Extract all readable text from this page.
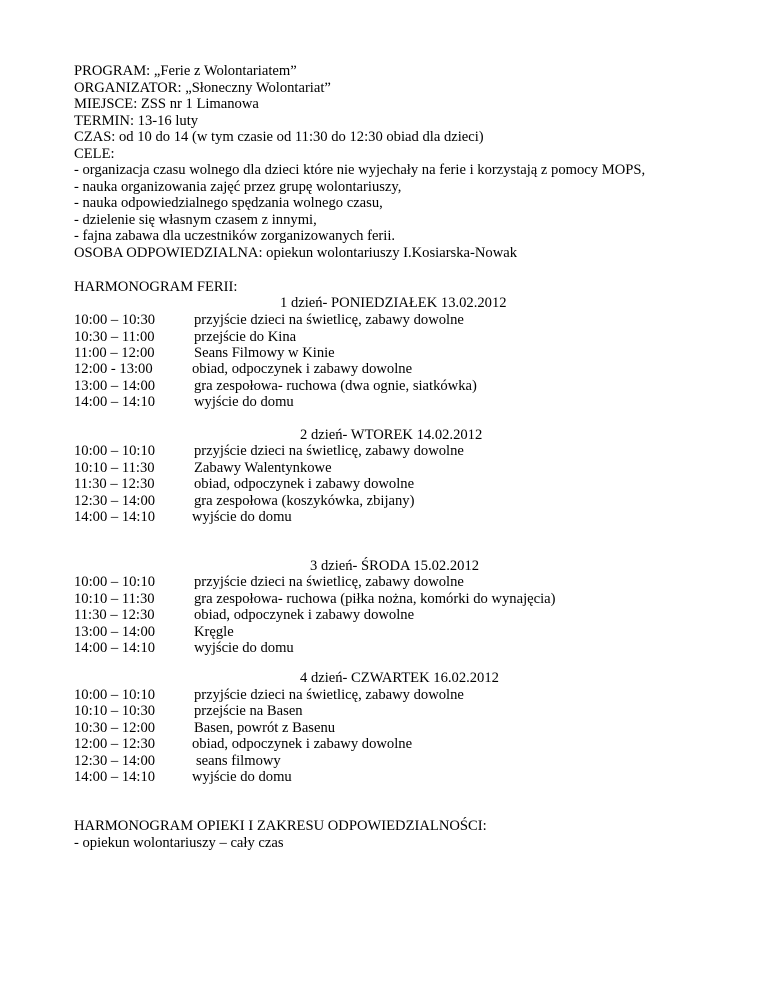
PROGRAM: „Ferie z Wolontariatem”
ORGANIZATOR: „Słoneczny Wolontariat”
MIEJSCE: ZSS nr 1 Limanowa
TERMIN: 13-16 luty
CZAS: od 10 do 14 (w tym czasie od 11:30 do 12:30 obiad dla dzieci)
CELE:
- organizacja czasu wolnego dla dzieci które nie wyjechały na ferie i korzystają z pomocy MOPS,
- nauka organizowania zajęć przez grupę wolontariuszy,
- nauka odpowiedzialnego spędzania wolnego czasu,
- dzielenie się własnym czasem z innymi,
- fajna zabawa dla uczestników zorganizowanych ferii.
OSOBA ODPOWIEDZIALNA: opiekun wolontariuszy I.Kosiarska-Nowak
HARMONOGRAM FERII:
1 dzień- PONIEDZIAŁEK 13.02.2012
10:00 – 10:30	przyjście dzieci na świetlicę, zabawy dowolne
10:30 – 11:00	przejście do Kina
11:00 – 12:00	Seans Filmowy w Kinie
12:00 - 13:00	obiad, odpoczynek i zabawy dowolne
13:00 – 14:00	gra zespołowa- ruchowa (dwa ognie, siatkówka)
14:00 – 14:10	wyjście do domu
2 dzień- WTOREK 14.02.2012
10:00 – 10:10	przyjście dzieci na świetlicę, zabawy dowolne
10:10 – 11:30	Zabawy Walentynkowe
11:30 – 12:30	obiad, odpoczynek i zabawy dowolne
12:30 – 14:00	gra zespołowa (koszykówka, zbijany)
14:00 – 14:10	wyjście do domu
3 dzień- ŚRODA 15.02.2012
10:00 – 10:10	przyjście dzieci na świetlicę, zabawy dowolne
10:10 – 11:30	gra zespołowa- ruchowa (piłka nożna, komórki do wynajęcia)
11:30 – 12:30	obiad, odpoczynek i zabawy dowolne
13:00 – 14:00	Kręgle
14:00 – 14:10	wyjście do domu
4 dzień- CZWARTEK 16.02.2012
10:00 – 10:10	przyjście dzieci na świetlicę, zabawy dowolne
10:10 – 10:30	przejście na Basen
10:30 – 12:00	Basen, powrót z Basenu
12:00 – 12:30	obiad, odpoczynek i zabawy dowolne
12:30 – 14:00	seans filmowy
14:00 – 14:10	wyjście do domu
HARMONOGRAM OPIEKI I ZAKRESU ODPOWIEDZIALNOŚCI:
- opiekun wolontariuszy – cały czas
